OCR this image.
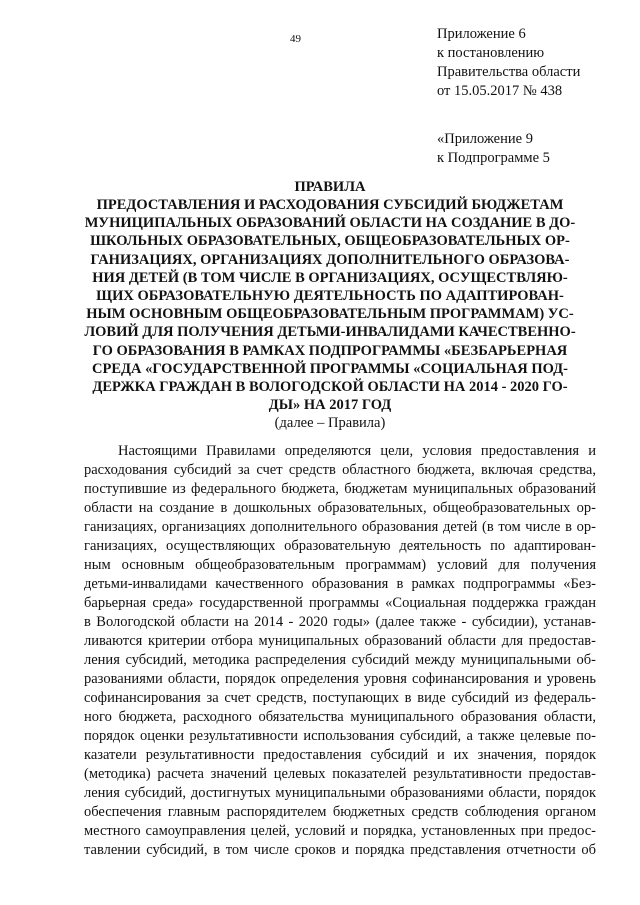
49	Приложение 6
к постановлению
Правительства области
от 15.05.2017 № 438
«Приложение 9
к Подпрограмме 5
ПРАВИЛА
ПРЕДОСТАВЛЕНИЯ И РАСХОДОВАНИЯ СУБСИДИЙ БЮДЖЕТАМ
МУНИЦИПАЛЬНЫХ ОБРАЗОВАНИЙ ОБЛАСТИ НА СОЗДАНИЕ В ДО-
ШКОЛЬНЫХ ОБРАЗОВАТЕЛЬНЫХ, ОБЩЕОБРАЗОВАТЕЛЬНЫХ ОР-
ГАНИЗАЦИЯХ, ОРГАНИЗАЦИЯХ ДОПОЛНИТЕЛЬНОГО ОБРАЗОВА-
НИЯ ДЕТЕЙ (В ТОМ ЧИСЛЕ В ОРГАНИЗАЦИЯХ, ОСУЩЕСТВЛЯЮ-
ЩИХ ОБРАЗОВАТЕЛЬНУЮ ДЕЯТЕЛЬНОСТЬ ПО АДАПТИРОВАН-
НЫМ ОСНОВНЫМ ОБЩЕОБРАЗОВАТЕЛЬНЫМ ПРОГРАММАМ) УС-
ЛОВИЙ ДЛЯ ПОЛУЧЕНИЯ ДЕТЬМИ-ИНВАЛИДАМИ КАЧЕСТВЕННО-
ГО ОБРАЗОВАНИЯ В РАМКАХ ПОДПРОГРАММЫ «БЕЗБАРЬЕРНАЯ
СРЕДА «ГОСУДАРСТВЕННОЙ ПРОГРАММЫ «СОЦИАЛЬНАЯ ПОД-
ДЕРЖКА ГРАЖДАН В ВОЛОГОДСКОЙ ОБЛАСТИ НА 2014 - 2020 ГО-
ДЫ» НА 2017 ГОД
(далее – Правила)
Настоящими Правилами определяются цели, условия предоставления и
расходования субсидий за счет средств областного бюджета, включая средства,
поступившие из федерального бюджета, бюджетам муниципальных образований
области на создание в дошкольных образовательных, общеобразовательных ор-
ганизациях, организациях дополнительного образования детей (в том числе в ор-
ганизациях, осуществляющих образовательную деятельность по адаптирован-
ным основным общеобразовательным программам) условий для получения
детьми-инвалидами качественного образования в рамках подпрограммы «Без-
барьерная среда» государственной программы «Социальная поддержка граждан
в Вологодской области на 2014 - 2020 годы» (далее также - субсидии), устанав-
ливаются критерии отбора муниципальных образований области для предостав-
ления субсидий, методика распределения субсидий между муниципальными об-
разованиями области, порядок определения уровня софинансирования и уровень
софинансирования за счет средств, поступающих в виде субсидий из федераль-
ного бюджета, расходного обязательства муниципального образования области,
порядок оценки результативности использования субсидий, а также целевые по-
казатели результативности предоставления субсидий и их значения, порядок
(методика) расчета значений целевых показателей результативности предостав-
ления субсидий, достигнутых муниципальными образованиями области, порядок
обеспечения главным распорядителем бюджетных средств соблюдения органом
местного самоуправления целей, условий и порядка, установленных при предос-
тавлении субсидий, в том числе сроков и порядка представления отчетности об
